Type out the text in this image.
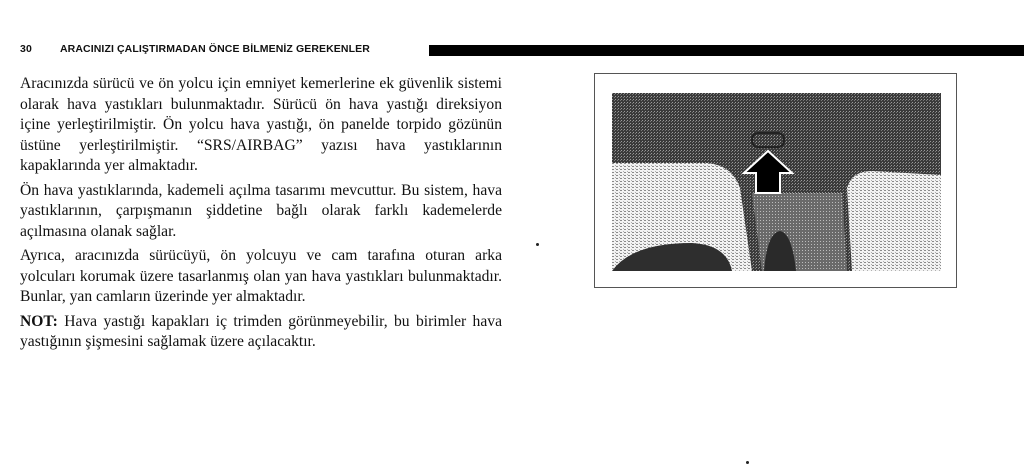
30	ARACINIZI ÇALIŞTIRMADAN ÖNCE BİLMENİZ GEREKENLER

Aracınızda sürücü ve ön yolcu için emniyet kemerlerine ek güvenlik sistemi olarak hava yastıkları bulunmaktadır. Sürücü ön hava yastığı direksiyon içine yerleştirilmiştir. Ön yolcu hava yastığı, ön panelde torpido gözünün üstüne yerleştirilmiştir. “SRS/AIRBAG” yazısı hava yastıklarının kapaklarında yer almaktadır.

Ön hava yastıklarında, kademeli açılma tasarımı mevcuttur. Bu sistem, hava yastıklarının, çarpışmanın şiddetine bağlı olarak farklı kademelerde açılmasına olanak sağlar.

Ayrıca, aracınızda sürücüyü, ön yolcuyu ve cam tarafına oturan arka yolcuları korumak üzere tasarlanmış olan yan hava yastıkları bulunmaktadır. Bunlar, yan camların üzerinde yer almaktadır.

NOT: Hava yastığı kapakları iç trimden görünmeyebilir, bu birimler hava yastığının şişmesini sağlamak üzere açılacaktır.
